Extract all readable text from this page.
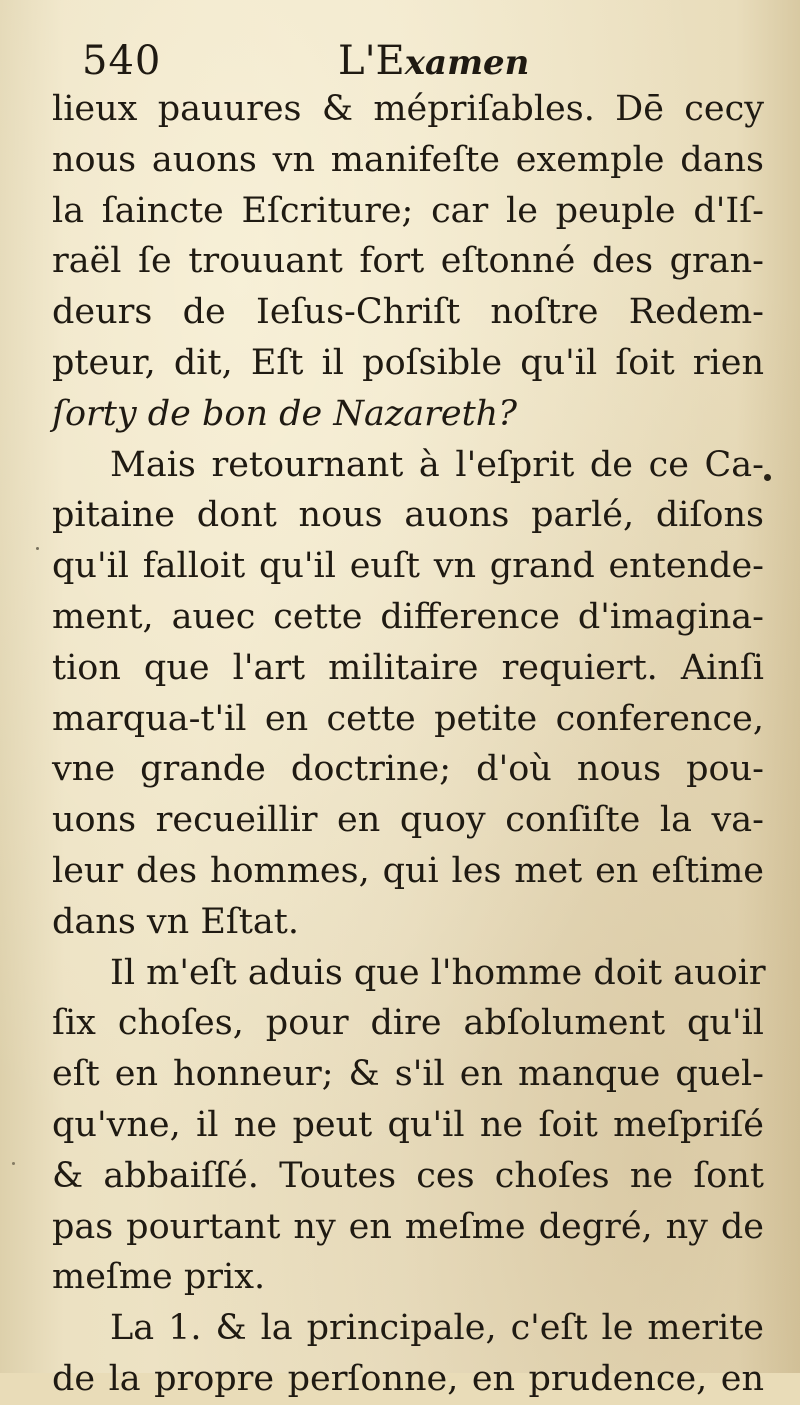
540	L'Examen
lieux pauures & mépriſables. Dē cecy
nous auons vn manifeſte exemple dans
la ſaincte Eſcriture; car le peuple d'Iſ-
raël ſe trouuant fort eſtonné des gran-
deurs de Ieſus-Chriſt noſtre Redem-
pteur, dit, Eſt il poſsible qu'il ſoit rien
ſorty de bon de Nazareth?
Mais retournant à l'eſprit de ce Ca-
pitaine dont nous auons parlé, diſons
qu'il falloit qu'il euſt vn grand entende-
ment, auec cette difference d'imagina-
tion que l'art militaire requiert. Ainſi
marqua-t'il en cette petite conference,
vne grande doctrine; d'où nous pou-
uons recueillir en quoy conſiſte la va-
leur des hommes, qui les met en eſtime
dans vn Eſtat.
Il m'eſt aduis que l'homme doit auoir
ſix choſes, pour dire abſolument qu'il
eſt en honneur; & s'il en manque quel-
qu'vne, il ne peut qu'il ne ſoit meſpriſé
& abbaiſſé. Toutes ces choſes ne ſont
pas pourtant ny en meſme degré, ny de
meſme prix.
La 1. & la principale, c'eſt le merite
de la propre perſonne, en prudence, en
